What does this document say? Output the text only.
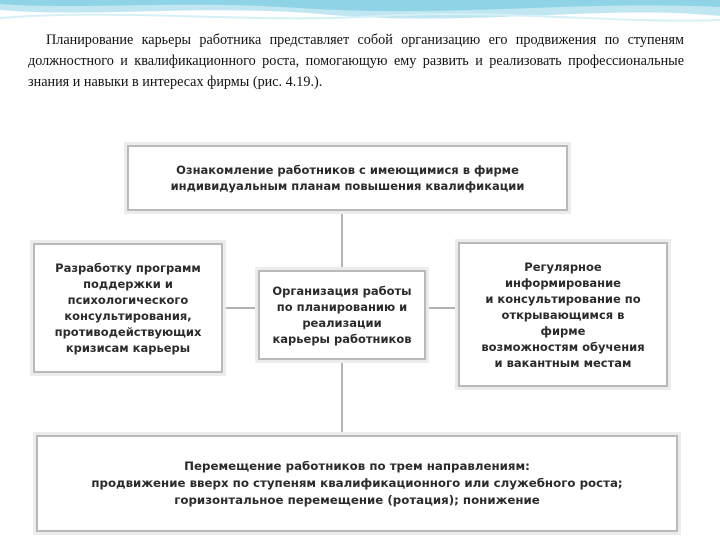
Планирование карьеры работника представляет собой организацию его продвижения по ступеням должностного и квалификационного роста, помогающую ему развить и реализовать профессиональные знания и навыки в интересах фирмы (рис. 4.19.).

Ознакомление работников с имеющимися в фирме
индивидуальным планам повышения квалификации
Разработку программ
поддержки и
психологического
консультирования,
противодействующих
кризисам карьеры
Организация работы
по планированию и
реализации
карьеры работников
Регулярное
информирование
и консультирование по
открывающимся в
фирме
возможностям обучения
и вакантным местам
Перемещение работников по трем направлениям:
продвижение вверх по ступеням квалификационного или служебного роста;
горизонтальное перемещение (ротация); понижение
